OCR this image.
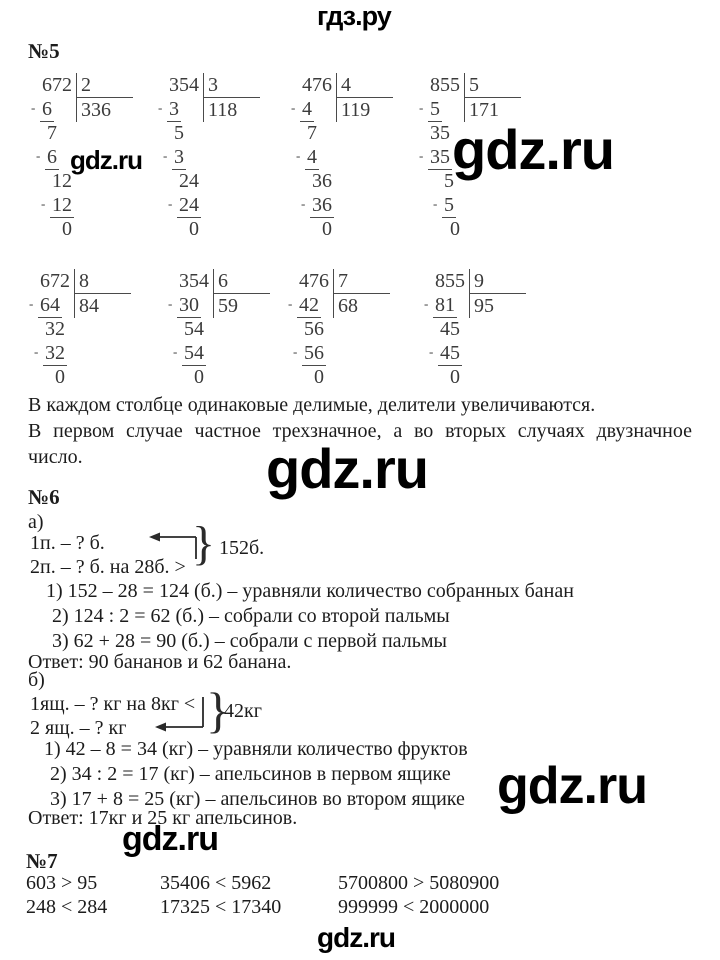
гдз.ру
gdz.ru	gdz.ru
gdz.ru
gdz.ru
gdz.ru
gdz.ru
№5
672
6
-
7
6
-
12
12
-
0
2
336
354
3
-
5
3
-
24
24
-
0
3
118
476
4
-
7
4
-
36
36
-
0
4
119
855
5
-
35
35
-
5
5
-
0
5
171
672
64
-
32
32
-
0
8
84
354
30
-
54
54
-
0
6
59
476
42
-
56
56
-
0
7
68
855
81
-
45
45
-
0
9
95
В каждом столбце одинаковые делимые, делители увеличиваются.
В первом случае частное трехзначное, а во вторых случаях двузначное
число.
№6
а)
1п. – ? б.
2п. – ? б. на 28б. > } 152б.
1) 152 – 28 = 124 (б.) – уравняли количество собранных банан
2) 124 : 2 = 62 (б.) – собрали со второй пальмы
3) 62 + 28 = 90 (б.) – собрали с первой пальмы
Ответ: 90 бананов и 62 банана.
б)
1ящ. – ? кг на 8кг <
2 ящ. – ? кг }
42кг
1) 42 – 8 = 34 (кг) – уравняли количество фруктов
2) 34 : 2 = 17 (кг) – апельсинов в первом ящике
3) 17 + 8 = 25 (кг) – апельсинов во втором ящике
Ответ: 17кг и 25 кг апельсинов.
№7
603 > 95	35406 < 5962	5700800 > 5080900
248 < 284	17325 < 17340	999999 < 2000000
